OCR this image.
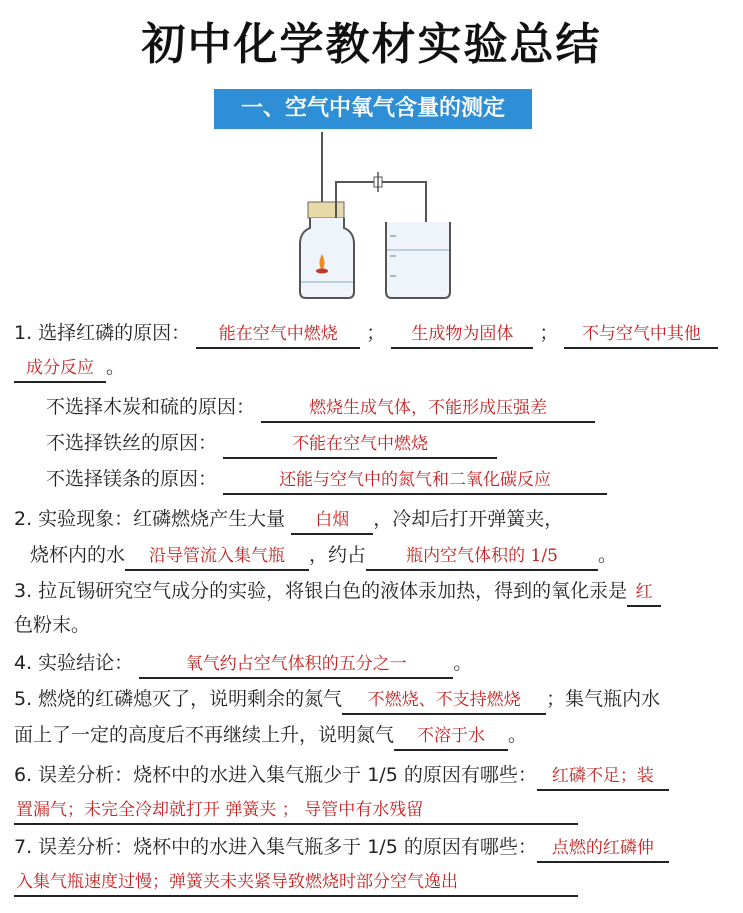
初中化学教材实验总结
一、空气中氧气含量的测定
1. 选择红磷的原因： 能在空气中燃烧 ； 生成物为固体 ； 不与空气中其他
成分反应 。
不选择木炭和硫的原因：	燃烧生成气体，不能形成压强差
不选择铁丝的原因：	不能在空气中燃烧
不选择镁条的原因：	还能与空气中的氮气和二氧化碳反应
2. 实验现象：红磷燃烧产生大量 白烟 ，冷却后打开弹簧夹，
烧杯内的水 沿导管流入集气瓶 ，约占 瓶内空气体积的 1/5 。
3. 拉瓦锡研究空气成分的实验，将银白色的液体汞加热，得到的氧化汞是 红
色粉末。
4. 实验结论：	氧气约占空气体积的五分之一 。
5. 燃烧的红磷熄灭了，说明剩余的氮气 不燃烧、不支持燃烧 ；集气瓶内水
面上了一定的高度后不再继续上升，说明氮气 不溶于水 。
6. 误差分析：烧杯中的水进入集气瓶少于 1/5 的原因有哪些： 红磷不足；装
置漏气；未完全冷却就打开 弹簧夹 ； 导管中有水残留
7. 误差分析：烧杯中的水进入集气瓶多于 1/5 的原因有哪些： 点燃的红磷伸
入集气瓶速度过慢；弹簧夹未夹紧导致燃烧时部分空气逸出
